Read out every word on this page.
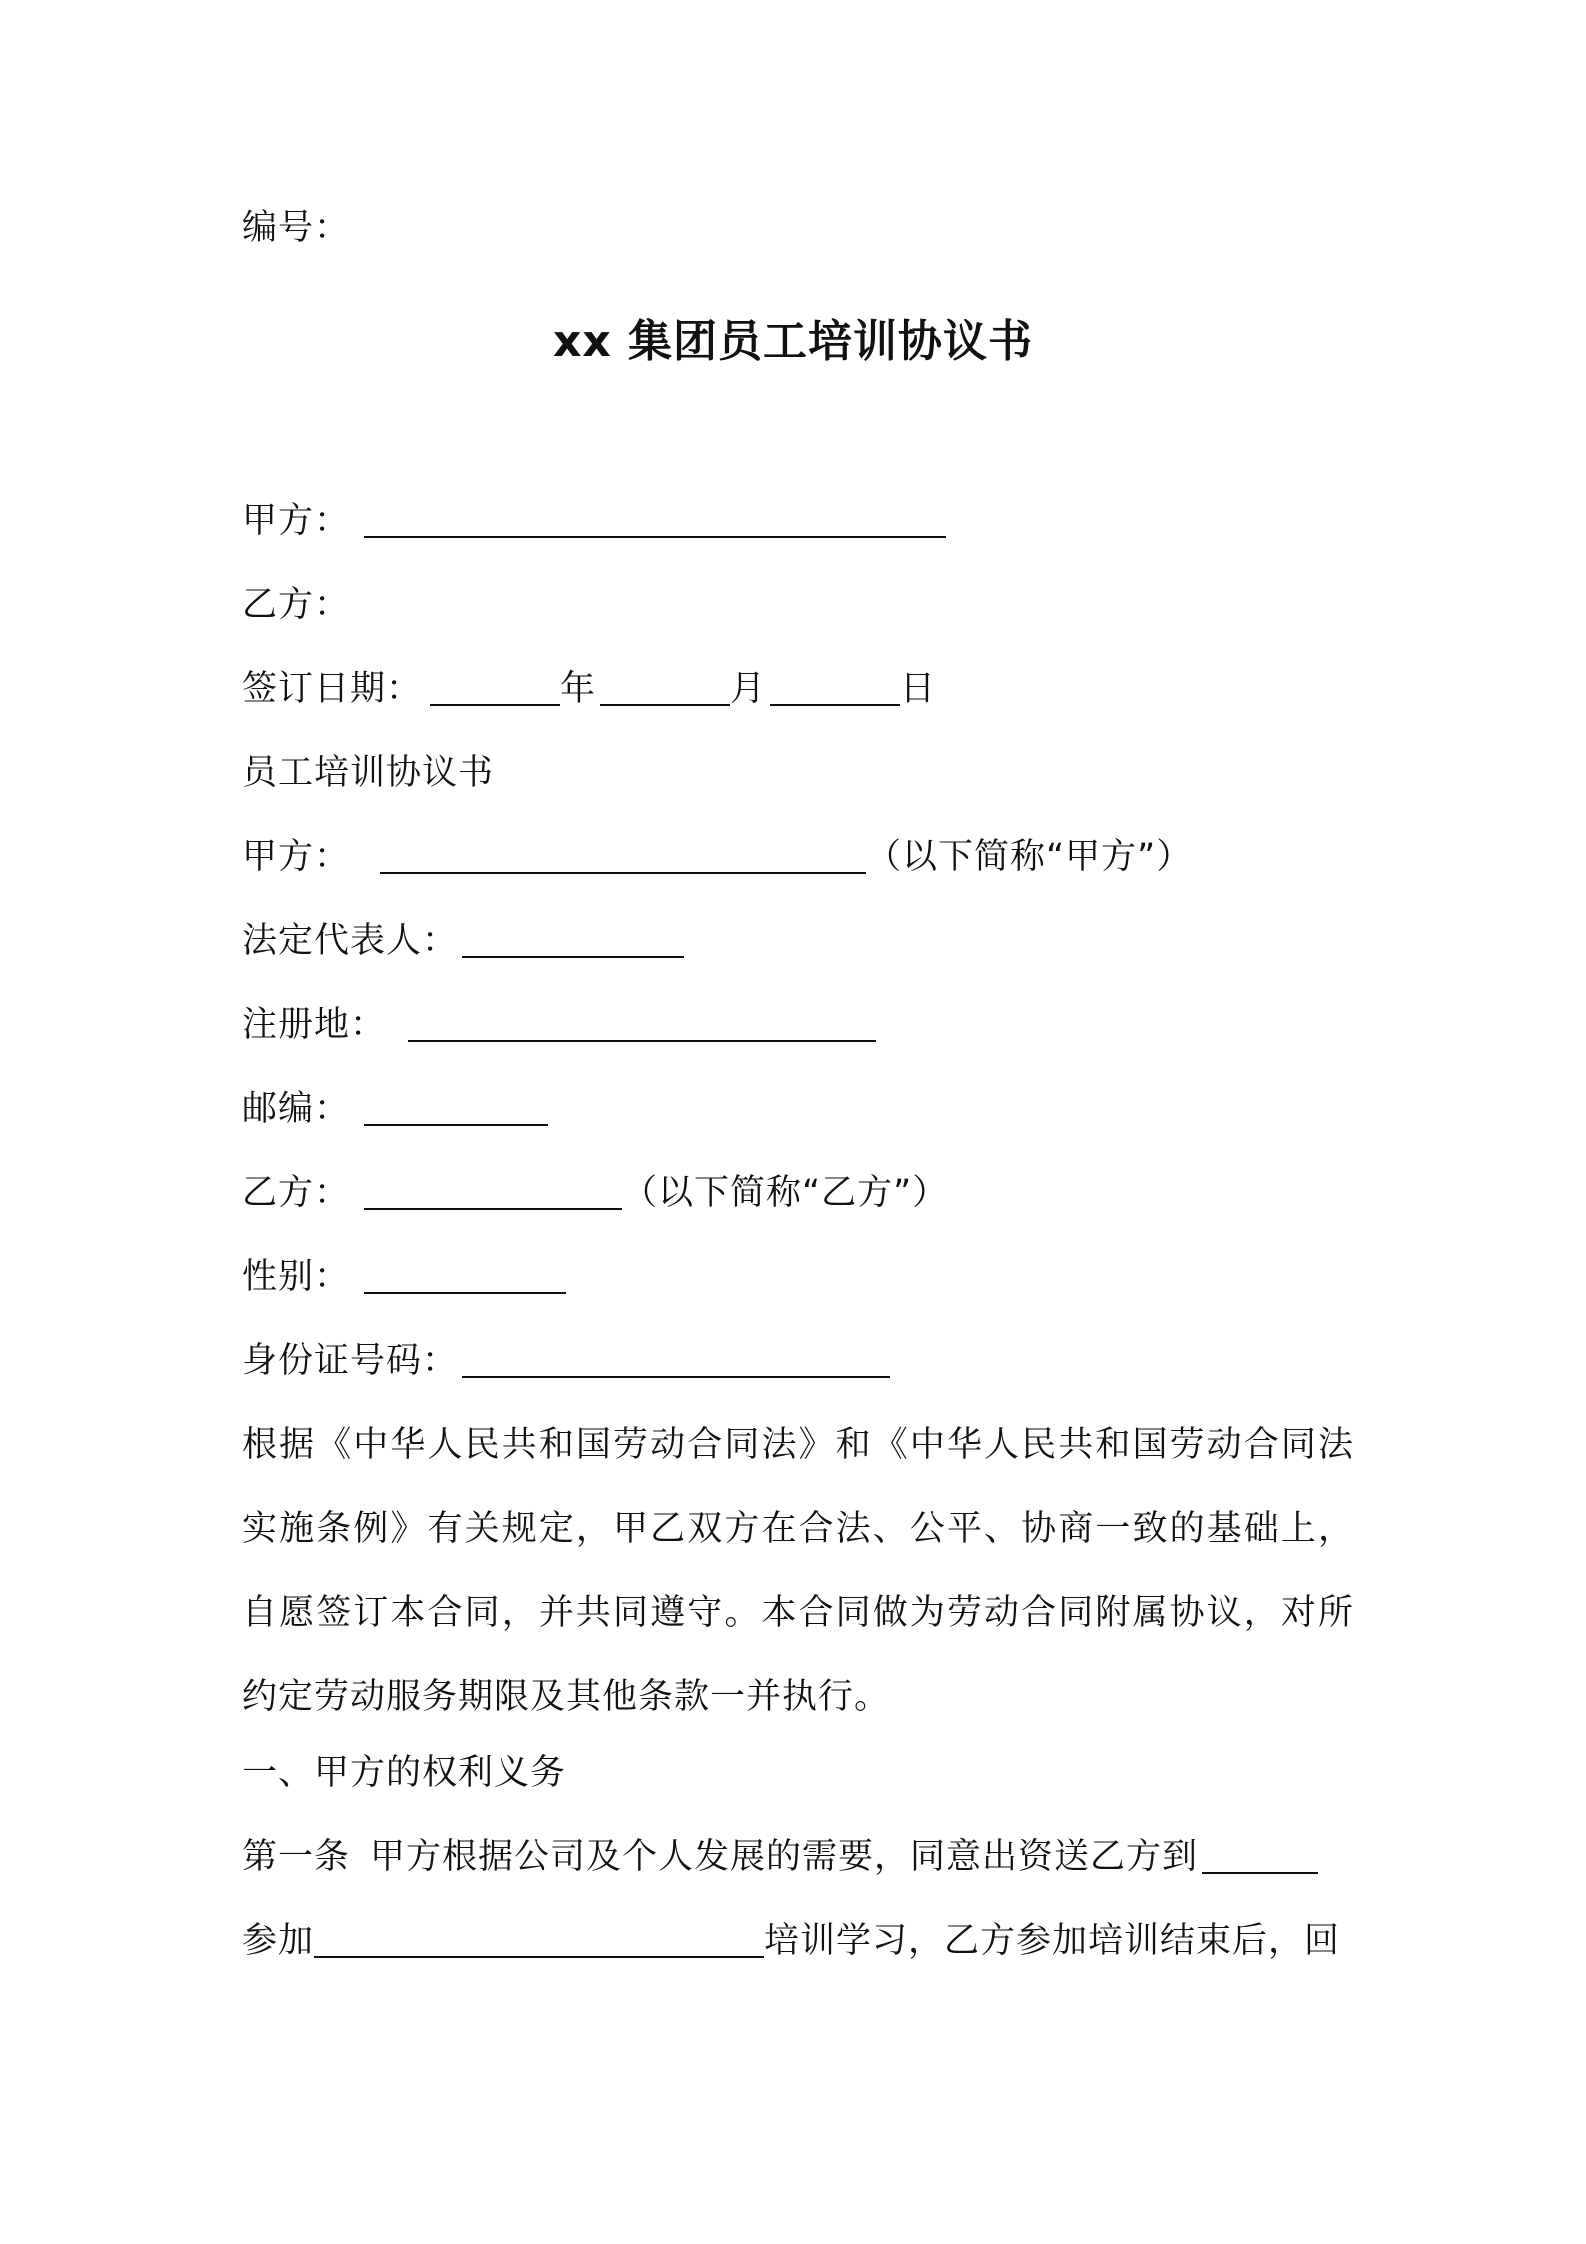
编号：
xx 集团员工培训协议书
甲方：
乙方：
签订日期：	年	月	日
员工培训协议书
甲方：	（以下简称“甲方”）
法定代表人：
注册地：
邮编：
乙方：	（以下简称“乙方”）
性别：
身份证号码：
根据《中华人民共和国劳动合同法》和《中华人民共和国劳动合同法
实施条例》有关规定，甲乙双方在合法、公平、协商一致的基础上，
自愿签订本合同，并共同遵守。本合同做为劳动合同附属协议，对所
约定劳动服务期限及其他条款一并执行。
一、甲方的权利义务
第一条 甲方根据公司及个人发展的需要，同意出资送乙方到
参加	培训学习，乙方参加培训结束后，回
